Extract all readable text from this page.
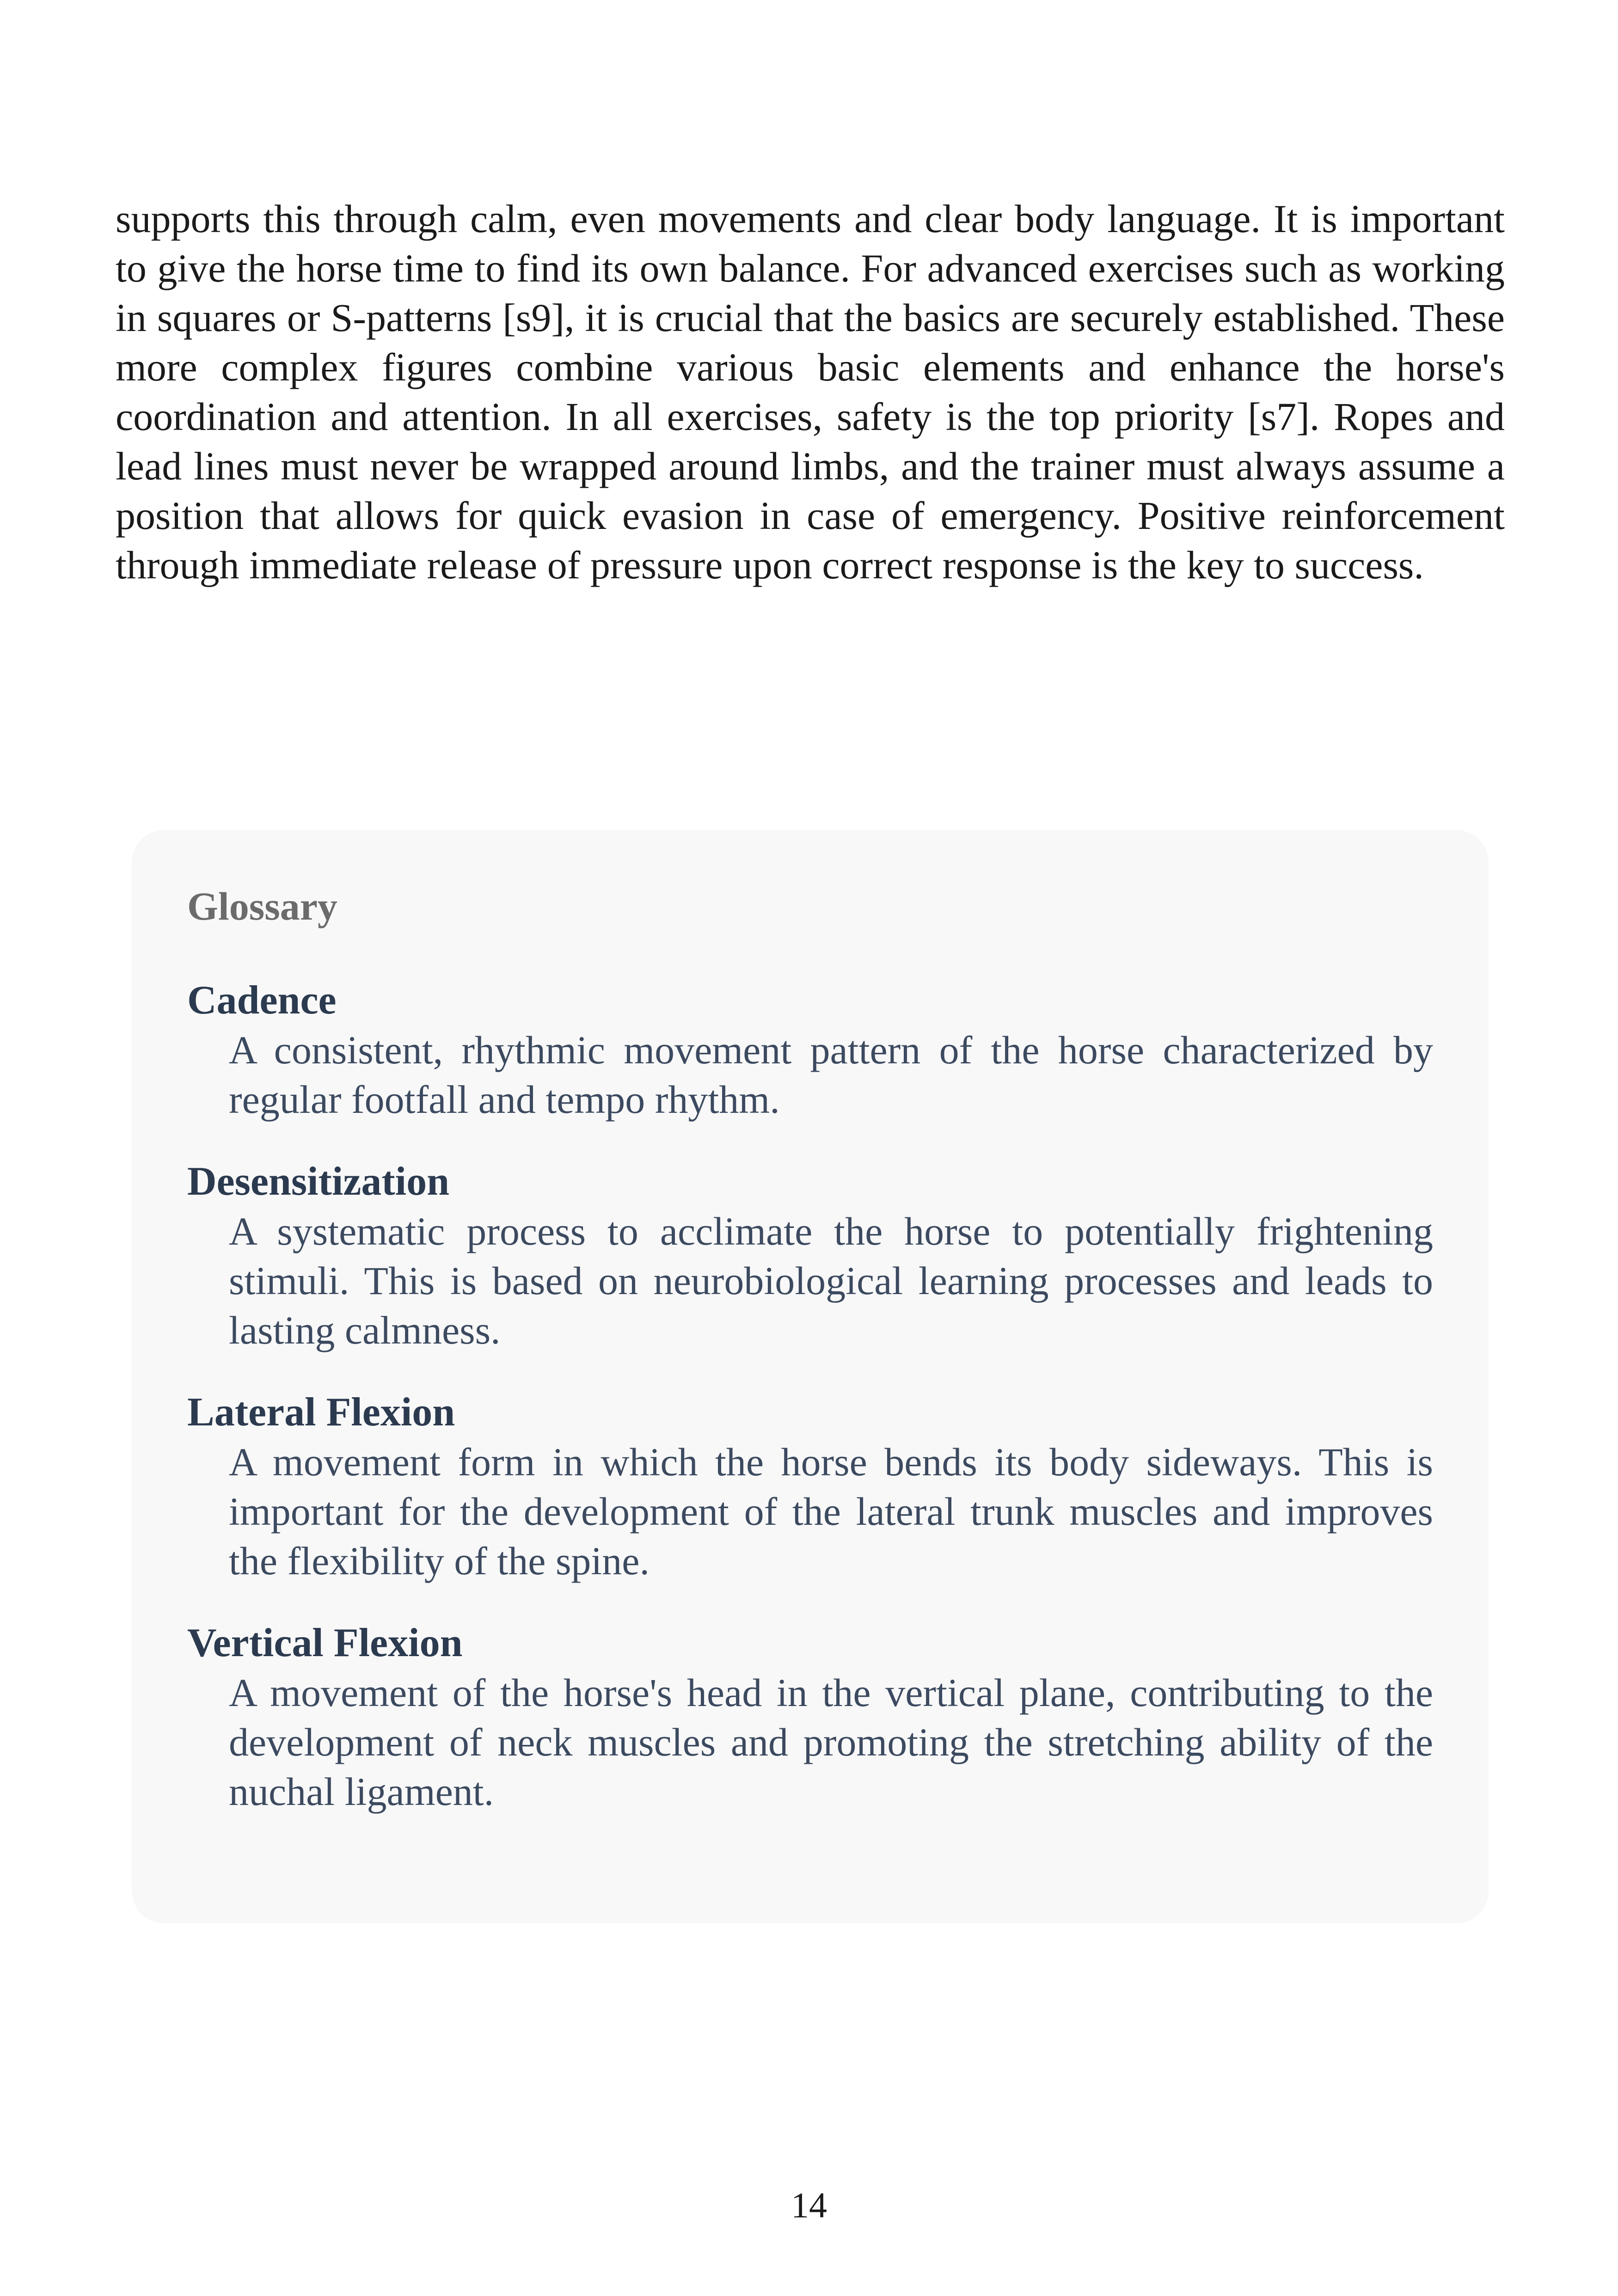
supports this through calm, even movements and clear body language. It is important to give the horse time to find its own balance. For advanced exercises such as working in squares or S-patterns [s9], it is crucial that the basics are securely established. These more complex figures combine various basic elements and enhance the horse's coordination and attention. In all exercises, safety is the top priority [s7]. Ropes and lead lines must never be wrapped around limbs, and the trainer must always assume a position that allows for quick evasion in case of emergency. Positive reinforcement through immediate release of pressure upon correct response is the key to success.

Glossary
Cadence
A consistent, rhythmic movement pattern of the horse characterized by regular footfall and tempo rhythm.
Desensitization
A systematic process to acclimate the horse to potentially frightening stimuli. This is based on neurobiological learning processes and leads to lasting calmness.
Lateral Flexion
A movement form in which the horse bends its body sideways. This is important for the development of the lateral trunk muscles and improves the flexibility of the spine.
Vertical Flexion
A movement of the horse's head in the vertical plane, contributing to the development of neck muscles and promoting the stretching ability of the nuchal ligament.
14
